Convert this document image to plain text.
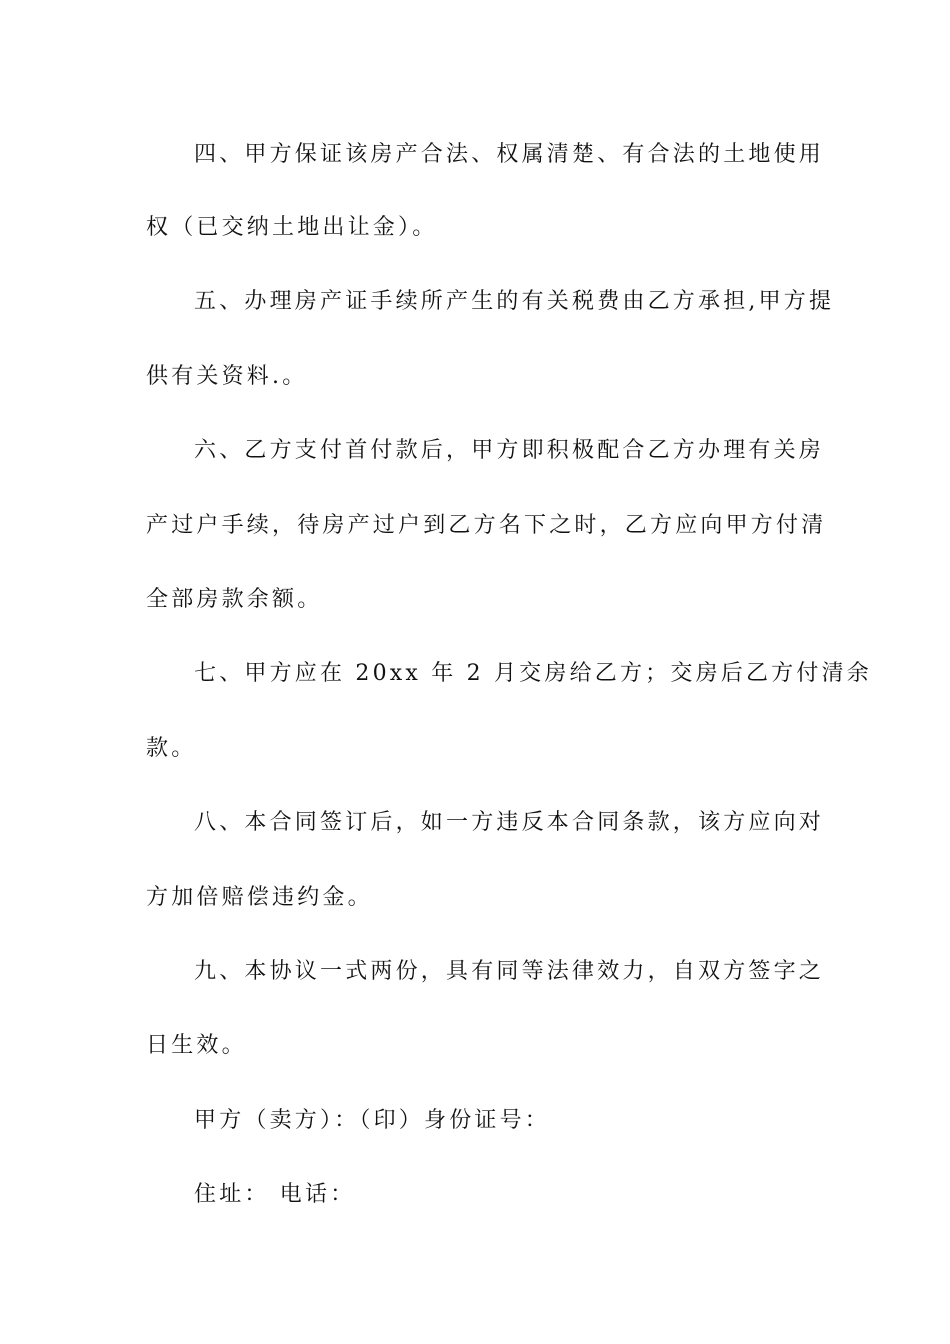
四、甲方保证该房产合法、权属清楚、有合法的土地使用
权（已交纳土地出让金）。
五、办理房产证手续所产生的有关税费由乙方承担,甲方提
供有关资料.。
六、乙方支付首付款后，甲方即积极配合乙方办理有关房
产过户手续，待房产过户到乙方名下之时，乙方应向甲方付清
全部房款余额。
七、甲方应在 20xx 年 2 月交房给乙方；交房后乙方付清余
款。
八、本合同签订后，如一方违反本合同条款，该方应向对
方加倍赔偿违约金。
九、本协议一式两份，具有同等法律效力，自双方签字之
日生效。
甲方（卖方）：（印）身份证号：
住址： 电话：
